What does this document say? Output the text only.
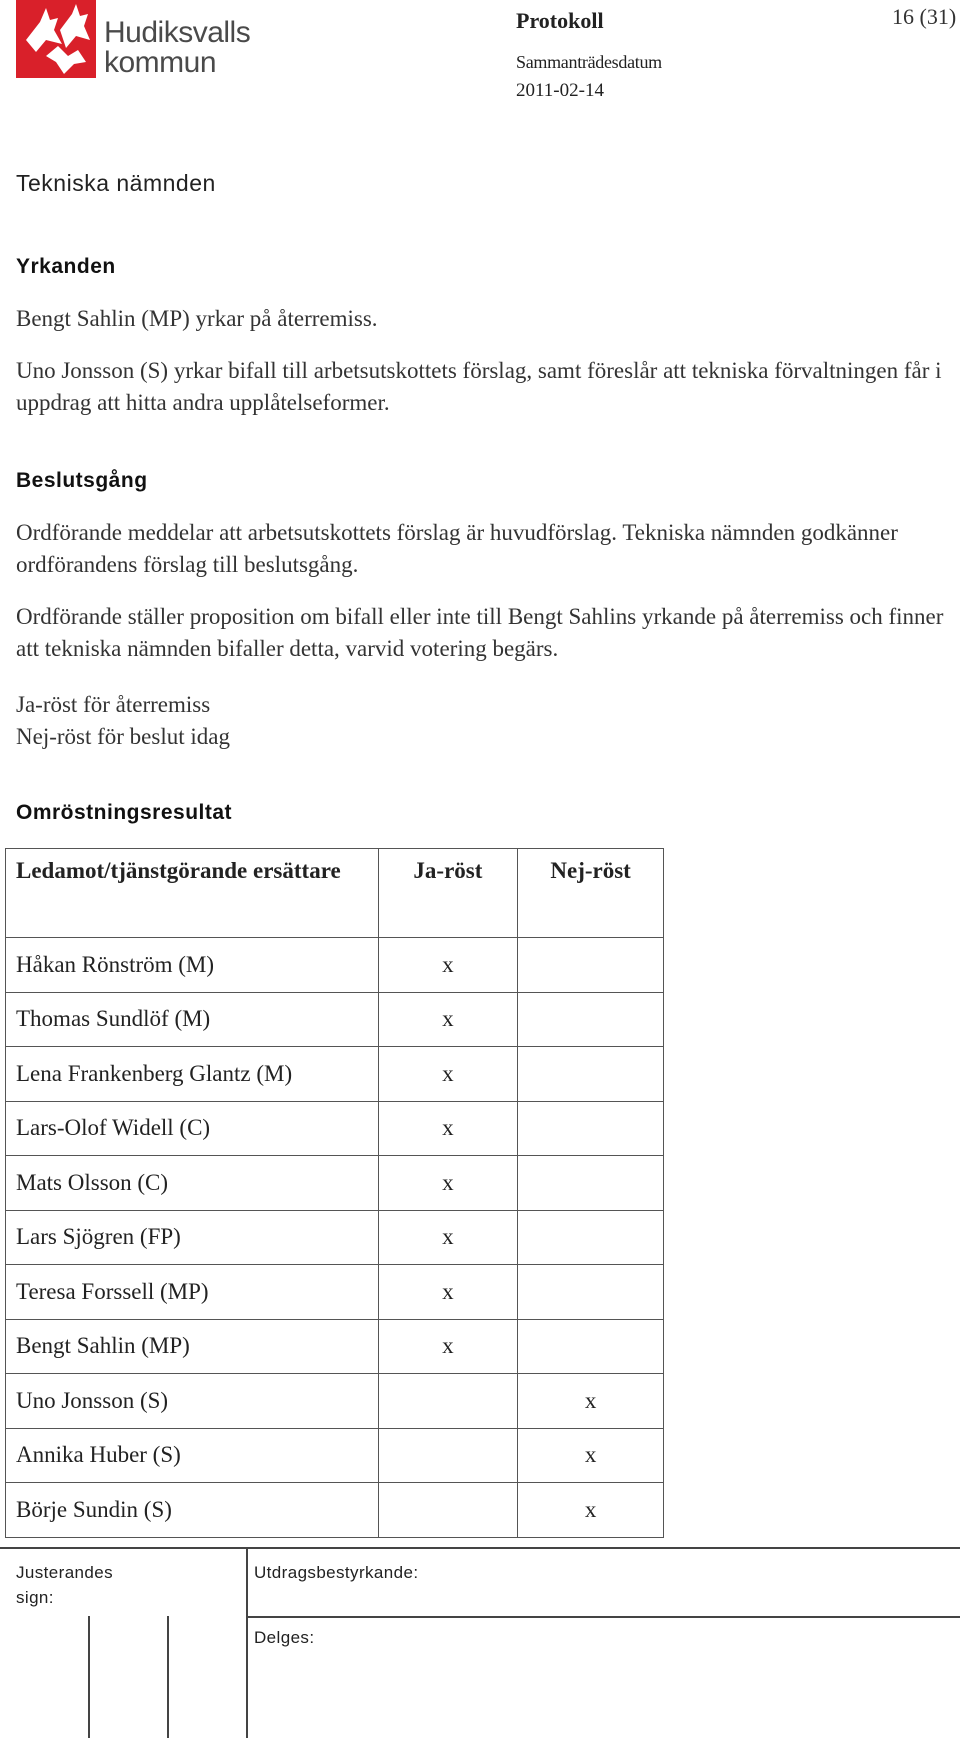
Hudiksvalls
kommun
Protokoll	16 (31)
Sammanträdesdatum
2011-02-14
Tekniska nämnden
Yrkanden
Bengt Sahlin (MP) yrkar på återremiss.
Uno Jonsson (S) yrkar bifall till arbetsutskottets förslag, samt föreslår att tekniska förvaltningen får i uppdrag att hitta andra upplåtelseformer.
Beslutsgång
Ordförande meddelar att arbetsutskottets förslag är huvudförslag. Tekniska nämnden godkänner ordförandens förslag till beslutsgång.
Ordförande ställer proposition om bifall eller inte till Bengt Sahlins yrkande på återremiss och finner att tekniska nämnden bifaller detta, varvid votering begärs.
Ja-röst för återremiss
Nej-röst för beslut idag
Omröstningsresultat
Ledamot/tjänstgörande ersättare	Ja-röst	Nej-röst
Håkan Rönström (M)	x	
Thomas Sundlöf (M)	x	
Lena Frankenberg Glantz (M)	x	
Lars-Olof Widell (C)	x	
Mats Olsson (C)	x	
Lars Sjögren (FP)	x	
Teresa Forssell (MP)	x	
Bengt Sahlin (MP)	x	
Uno Jonsson (S)		x
Annika Huber (S)		x
Börje Sundin (S)		x
Justerandes
sign:
Utdragsbestyrkande:
Delges:
